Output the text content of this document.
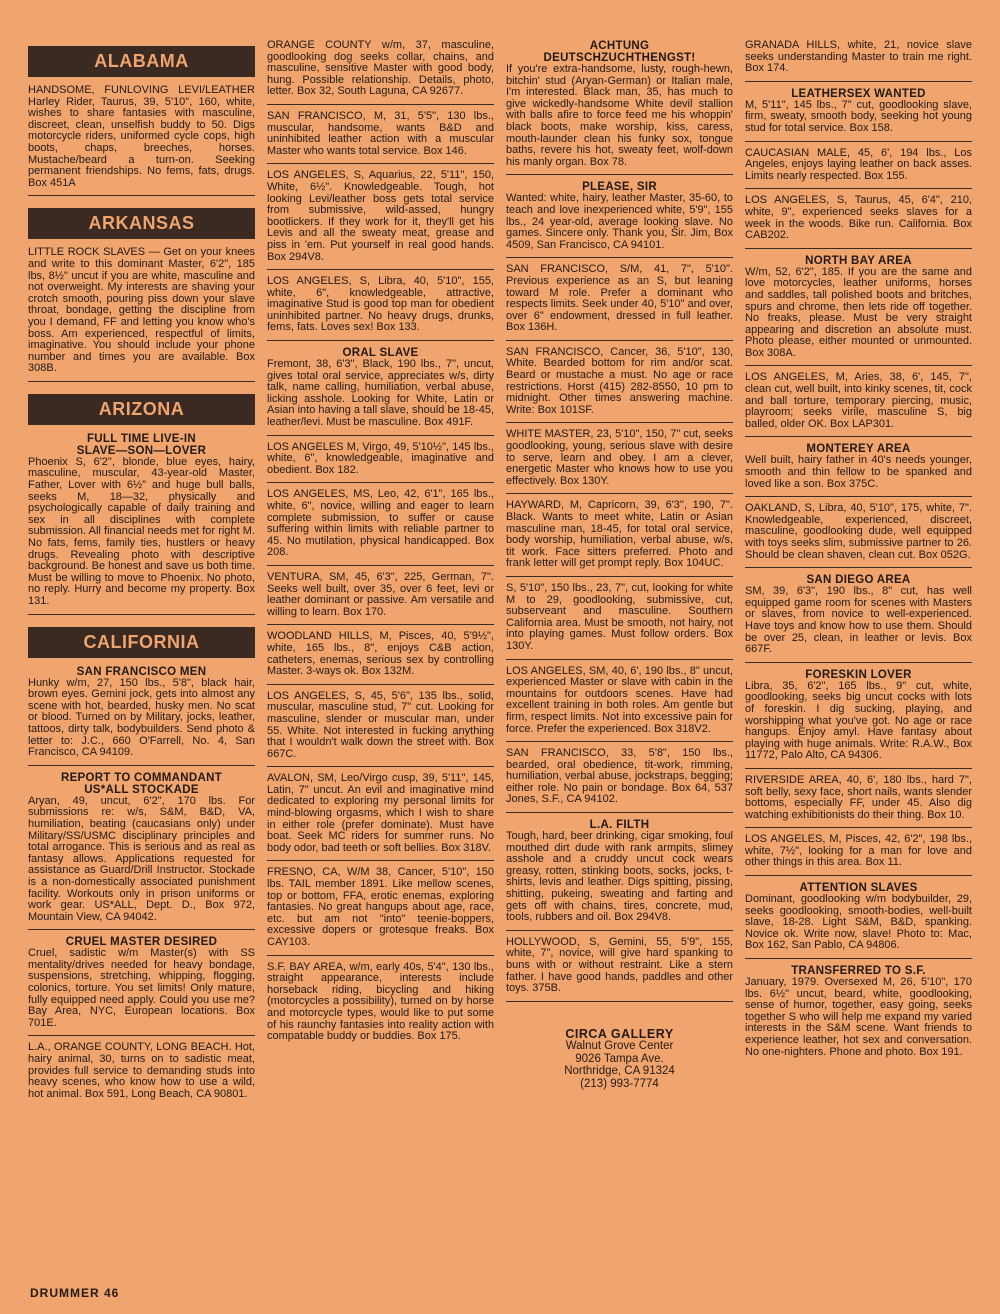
ALABAMA

HANDSOME, FUNLOVING LEVI/LEATHER Harley Rider, Taurus, 39, 5'10", 160, white, wishes to share fantasies with masculine, discreet, clean, unselfish buddy to 50. Digs motorcycle riders, uniformed cycle cops, high boots, chaps, breeches, horses. Mustache/beard a turn-on. Seeking permanent friendships. No fems, fats, drugs. Box 451A

ARKANSAS

LITTLE ROCK SLAVES — Get on your knees and write to this dominant Master, 6'2", 185 lbs, 8½" uncut if you are white, masculine and not overweight. My interests are shaving your crotch smooth, pouring piss down your slave throat, bondage, getting the discipline from you I demand, FF and letting you know who's boss. Am experienced, respectful of limits, imaginative. You should include your phone number and times you are available. Box 308B.

ARIZONA
FULL TIME LIVE-IN
SLAVE—SON—LOVER
Phoenix S, 6'2", blonde, blue eyes, hairy, masculine, muscular, 43-year-old Master, Father, Lover with 6½" and huge bull balls, seeks M, 18—32, physically and psychologically capable of daily training and sex in all disciplines with complete submission. All financial needs met for right M. No fats, fems, family ties, hustlers or heavy drugs. Revealing photo with descriptive background. Be honest and save us both time. Must be willing to move to Phoenix. No photo, no reply. Hurry and become my property. Box 131.
CALIFORNIA
SAN FRANCISCO MEN
Hunky w/m, 27, 150 lbs., 5'8", black hair, brown eyes. Gemini jock, gets into almost any scene with hot, bearded, husky men. No scat or blood. Turned on by Military, jocks, leather, tattoos, dirty talk, bodybuilders. Send photo & letter to: J.C., 660 O'Farrell, No. 4, San Francisco, CA 94109.
REPORT TO COMMANDANT
US*ALL STOCKADE
Aryan, 49, uncut, 6'2", 170 lbs. For submissions re: w/s, S&M, B&D, VA, humiliation, beating (caucasians only) under Military/SS/USMC disciplinary principles and total arrogance. This is serious and as real as fantasy allows. Applications requested for assistance as Guard/Drill Instructor. Stockade is a non-domestically associated punishment facility. Workouts only in prison uniforms or work gear. US*ALL, Dept. D., Box 972, Mountain View, CA 94042.
CRUEL MASTER DESIRED
Cruel, sadistic w/m Master(s) with SS mentality/drives needed for heavy bondage, suspensions, stretching, whipping, flogging, colonics, torture. You set limits! Only mature, fully equipped need apply. Could you use me? Bay Area, NYC, European locations. Box 701E.

L.A., ORANGE COUNTY, LONG BEACH. Hot, hairy animal, 30, turns on to sadistic meat, provides full service to demanding studs into heavy scenes, who know how to use a wild, hot animal. Box 591, Long Beach, CA 90801.

ORANGE COUNTY w/m, 37, masculine, goodlooking dog seeks collar, chains, and masculine, sensitive Master with good body, hung. Possible relationship. Details, photo, letter. Box 32, South Laguna, CA 92677.

SAN FRANCISCO, M, 31, 5'5", 130 lbs., muscular, handsome, wants B&D and uninhibited leather action with a muscular Master who wants total service. Box 146.

LOS ANGELES, S, Aquarius, 22, 5'11", 150, White, 6½". Knowledgeable. Tough, hot looking Levi/leather boss gets total service from submissive, wild-assed, hungry bootlickers. If they work for it, they'll get his Levis and all the sweaty meat, grease and piss in 'em. Put yourself in real good hands. Box 294V8.

LOS ANGELES, S, Libra, 40, 5'10", 155, white, 6", knowledgeable, attractive, imaginative Stud is good top man for obedient uninhibited partner. No heavy drugs, drunks, fems, fats. Loves sex! Box 133.

ORAL SLAVE
Fremont, 38, 6'3", Black, 190 lbs., 7", uncut, gives total oral service, appreciates w/s, dirty talk, name calling, humiliation, verbal abuse, licking asshole. Looking for White, Latin or Asian into having a tall slave, should be 18-45, leather/levi. Must be masculine. Box 491F.

LOS ANGELES M, Virgo, 49, 5'10½", 145 lbs., white, 6", knowledgeable, imaginative and obedient. Box 182.

LOS ANGELES, MS, Leo, 42, 6'1", 165 lbs., white, 6", novice, willing and eager to learn complete submission, to suffer or cause suffering within limits with reliable partner to 45. No mutilation, physical handicapped. Box 208.

VENTURA, SM, 45, 6'3", 225, German, 7". Seeks well built, over 35, over 6 feet, levi or leather dominant or passive. Am versatile and willing to learn. Box 170.

WOODLAND HILLS, M, Pisces, 40, 5'9½", white, 165 lbs., 8", enjoys C&B action, catheters, enemas, serious sex by controlling Master. 3-ways ok. Box 132M.

LOS ANGELES, S, 45, 5'6", 135 lbs., solid, muscular, masculine stud, 7" cut. Looking for masculine, slender or muscular man, under 55. White. Not interested in fucking anything that I wouldn't walk down the street with. Box 667C.

AVALON, SM, Leo/Virgo cusp, 39, 5'11", 145, Latin, 7" uncut. An evil and imaginative mind dedicated to exploring my personal limits for mind-blowing orgasms, which I wish to share in either role (prefer dominate). Must have boat. Seek MC riders for summer runs. No body odor, bad teeth or soft bellies. Box 318V.

FRESNO, CA, W/M 38, Cancer, 5'10", 150 lbs. TAIL member 1891. Like mellow scenes, top or bottom, FFA, erotic enemas, exploring fantasies. No great hangups about age, race, etc. but am not "into" teenie-boppers, excessive dopers or grotesque freaks. Box CAY103.

S.F. BAY AREA, w/m, early 40s, 5'4", 130 lbs., straight appearance, interests include horseback riding, bicycling and hiking (motorcycles a possibility), turned on by horse and motorcycle types, would like to put some of his raunchy fantasies into reality action with compatable buddy or buddies. Box 175.

ACHTUNG
DEUTSCHZUCHTHENGST!
If you're extra-handsome, lusty, rough-hewn, bitchin' stud (Aryan-German) or Italian male, I'm interested. Black man, 35, has much to give wickedly-handsome White devil stallion with balls afire to force feed me his whoppin' black boots, make worship, kiss, caress, mouth-launder clean his funky sox, tongue baths, revere his hot, sweaty feet, wolf-down his manly organ. Box 78.
PLEASE, SIR
Wanted: white, hairy, leather Master, 35-60, to teach and love inexperienced white, 5'9", 155 lbs., 24 year-old, average looking slave. No games. Sincere only. Thank you, Sir. Jim, Box 4509, San Francisco, CA 94101.

SAN FRANCISCO, S/M, 41, 7", 5'10". Previous experience as an S, but leaning toward M role. Prefer a dominant who respects limits. Seek under 40, 5'10" and over, over 6" endowment, dressed in full leather. Box 136H.

SAN FRANCISCO, Cancer, 36, 5'10", 130, White. Bearded bottom for rim and/or scat. Beard or mustache a must. No age or race restrictions. Horst (415) 282-8550, 10 pm to midnight. Other times answering machine. Write: Box 101SF.

WHITE MASTER, 23, 5'10", 150, 7" cut, seeks goodlooking, young, serious slave with desire to serve, learn and obey. I am a clever, energetic Master who knows how to use you effectively. Box 130Y.

HAYWARD, M, Capricorn, 39, 6'3", 190, 7". Black. Wants to meet white, Latin or Asian masculine man, 18-45, for total oral service, body worship, humiliation, verbal abuse, w/s, tit work. Face sitters preferred. Photo and frank letter will get prompt reply. Box 104UC.

S, 5'10", 150 lbs., 23, 7", cut, looking for white M to 29, goodlooking, submissive, cut, subserveant and masculine. Southern California area. Must be smooth, not hairy, not into playing games. Must follow orders. Box 130Y.

LOS ANGELES, SM, 40, 6', 190 lbs., 8" uncut, experienced Master or slave with cabin in the mountains for outdoors scenes. Have had excellent training in both roles. Am gentle but firm, respect limits. Not into excessive pain for force. Prefer the experienced. Box 318V2.

SAN FRANCISCO, 33, 5'8", 150 lbs., bearded, oral obedience, tit-work, rimming, humiliation, verbal abuse, jockstraps, begging; either role. No pain or bondage. Box 64, 537 Jones, S.F., CA 94102.

L.A. FILTH
Tough, hard, beer drinking, cigar smoking, foul mouthed dirt dude with rank armpits, slimey asshole and a cruddy uncut cock wears greasy, rotten, stinking boots, socks, jocks, t-shirts, levis and leather. Digs spitting, pissing, shitting, pukeing, sweating and farting and gets off with chains, tires, concrete, mud, tools, rubbers and oil. Box 294V8.

HOLLYWOOD, S, Gemini, 55, 5'9", 155, white, 7", novice, will give hard spanking to buns with or without restraint. Like a stern father. I have good hands, paddles and other toys. 375B.

CIRCA GALLERY
Walnut Grove Center
9026 Tampa Ave.
Northridge, CA 91324
(213) 993-7774

GRANADA HILLS, white, 21, novice slave seeks understanding Master to train me right. Box 174.

LEATHERSEX WANTED
M, 5'11", 145 lbs., 7" cut, goodlooking slave, firm, sweaty, smooth body, seeking hot young stud for total service. Box 158.

CAUCASIAN MALE, 45, 6', 194 lbs., Los Angeles, enjoys laying leather on back asses. Limits nearly respected. Box 155.

LOS ANGELES, S, Taurus, 45, 6'4", 210, white, 9", experienced seeks slaves for a week in the woods. Bike run. California. Box CAB202.

NORTH BAY AREA
W/m, 52, 6'2", 185. If you are the same and love motorcycles, leather uniforms, horses and saddles, tall polished boots and britches, spurs and chrome, then lets ride off together. No freaks, please. Must be very straight appearing and discretion an absolute must. Photo please, either mounted or unmounted. Box 308A.

LOS ANGELES, M, Aries, 38, 6', 145, 7", clean cut, well built, into kinky scenes, tit, cock and ball torture, temporary piercing, music, playroom; seeks virile, masculine S, big balled, older OK. Box LAP301.

MONTEREY AREA
Well built, hairy father in 40's needs younger, smooth and thin fellow to be spanked and loved like a son. Box 375C.

OAKLAND, S, Libra, 40, 5'10", 175, white, 7". Knowledgeable, experienced, discreet, masculine, goodlooking dude, well equipped with toys seeks slim, submissive partner to 26. Should be clean shaven, clean cut. Box 052G.

SAN DIEGO AREA
SM, 39, 6'3", 190 lbs., 8" cut, has well equipped game room for scenes with Masters or slaves, from novice to well-experienced. Have toys and know how to use them. Should be over 25, clean, in leather or levis. Box 667F.
FORESKIN LOVER
Libra, 35, 6'2", 165 lbs., 9" cut, white, goodlooking, seeks big uncut cocks with lots of foreskin. I dig sucking, playing, and worshipping what you've got. No age or race hangups. Enjoy amyl. Have fantasy about playing with huge animals. Write: R.A.W., Box 11772, Palo Alto, CA 94306.

RIVERSIDE AREA, 40, 6', 180 lbs., hard 7", soft belly, sexy face, short nails, wants slender bottoms, especially FF, under 45. Also dig watching exhibitionists do their thing. Box 10.

LOS ANGELES, M, Pisces, 42, 6'2", 198 lbs., white, 7½", looking for a man for love and other things in this area. Box 11.

ATTENTION SLAVES
Dominant, goodlooking w/m bodybuilder, 29, seeks goodlooking, smooth-bodies, well-built slave, 18-28. Light S&M, B&D, spanking. Novice ok. Write now, slave! Photo to: Mac, Box 162, San Pablo, CA 94806.
TRANSFERRED TO S.F.
January, 1979. Oversexed M, 26, 5'10", 170 lbs. 6½" uncut, beard, white, goodlooking, sense of humor, together, easy going, seeks together S who will help me expand my varied interests in the S&M scene. Want friends to experience leather, hot sex and conversation. No one-nighters. Phone and photo. Box 191.
DRUMMER 46
